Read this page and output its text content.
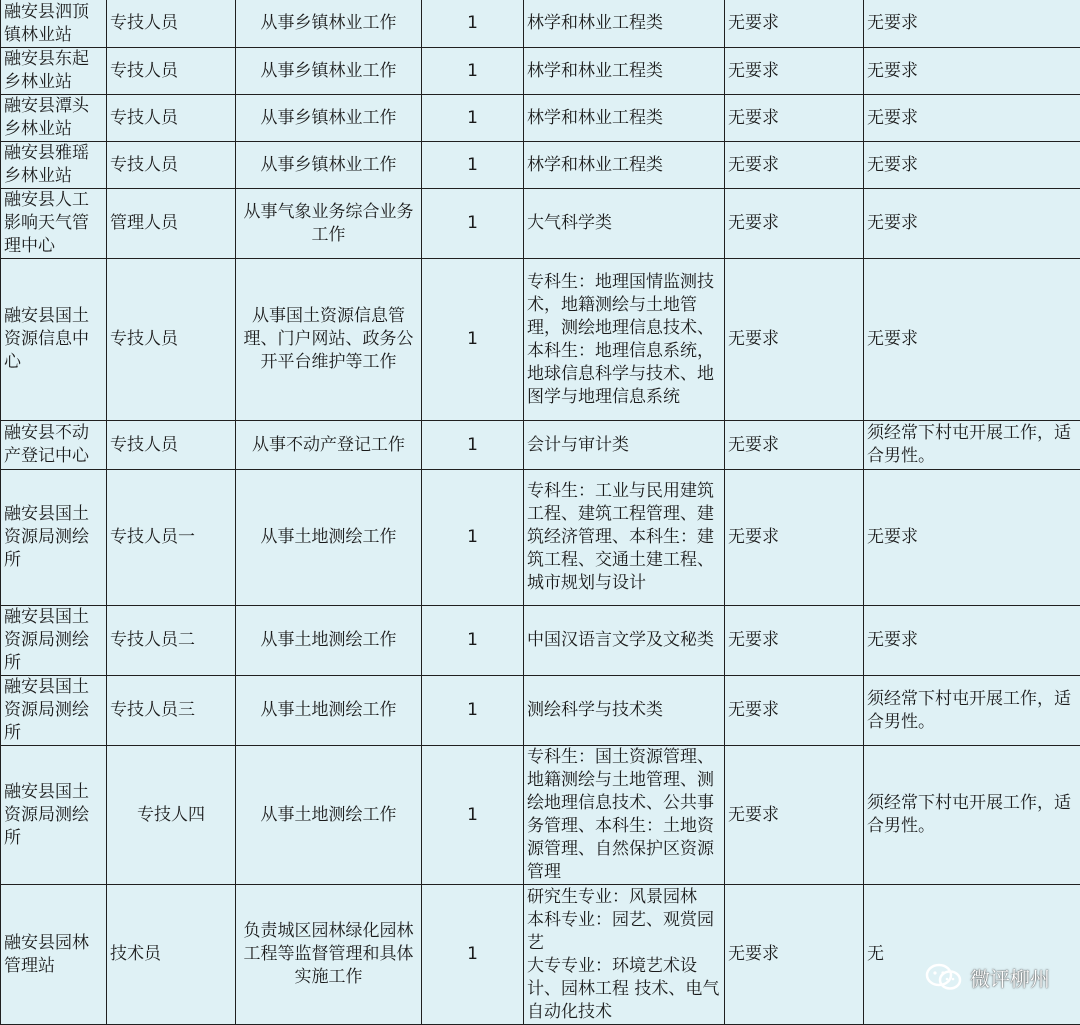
融安县泗顶镇林业站	专技人员	从事乡镇林业工作	1	林学和林业工程类	无要求	无要求
融安县东起乡林业站	专技人员	从事乡镇林业工作	1	林学和林业工程类	无要求	无要求
融安县潭头乡林业站	专技人员	从事乡镇林业工作	1	林学和林业工程类	无要求	无要求
融安县雅瑶乡林业站	专技人员	从事乡镇林业工作	1	林学和林业工程类	无要求	无要求
融安县人工影响天气管理中心	管理人员	从事气象业务综合业务工作	1	大气科学类	无要求	无要求
融安县国土资源信息中心	专技人员	从事国土资源信息管理、门户网站、政务公开平台维护等工作	1	专科生：地理国情监测技术，地籍测绘与土地管理，测绘地理信息技术、本科生：地理信息系统，地球信息科学与技术、地图学与地理信息系统	无要求	无要求
融安县不动产登记中心	专技人员	从事不动产登记工作	1	会计与审计类	无要求	须经常下村屯开展工作，适合男性。
融安县国土资源局测绘所	专技人员一	从事土地测绘工作	1	专科生：工业与民用建筑工程、建筑工程管理、建筑经济管理、本科生：建筑工程、交通土建工程、城市规划与设计	无要求	无要求
融安县国土资源局测绘所	专技人员二	从事土地测绘工作	1	中国汉语言文学及文秘类	无要求	无要求
融安县国土资源局测绘所	专技人员三	从事土地测绘工作	1	测绘科学与技术类	无要求	须经常下村屯开展工作，适合男性。
融安县国土资源局测绘所	专技人四	从事土地测绘工作	1	专科生：国土资源管理、地籍测绘与土地管理、测绘地理信息技术、公共事务管理、本科生：土地资源管理、自然保护区资源管理	无要求	须经常下村屯开展工作，适合男性。
融安县园林管理站	技术员	负责城区园林绿化园林工程等监督管理和具体实施工作	1	研究生专业：风景园林
本科专业：园艺、观赏园艺
大专专业：环境艺术设计、园林工程 技术、电气自动化技术	无要求	无
微评柳州
